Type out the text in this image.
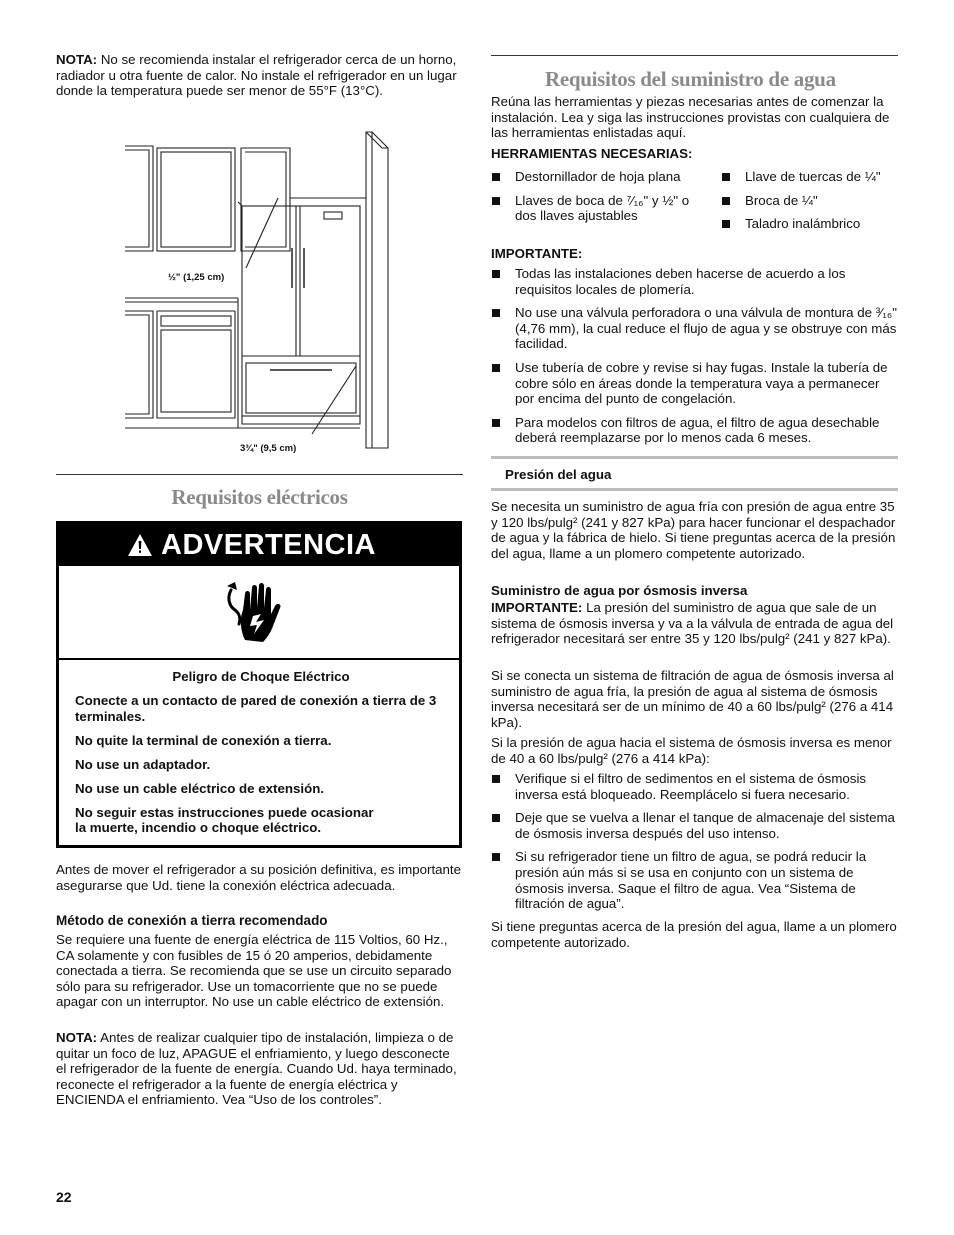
NOTA: No se recomienda instalar el refrigerador cerca de un horno, radiador u otra fuente de calor. No instale el refrigerador en un lugar donde la temperatura puede ser menor de 55°F (13°C).

½" (1,25 cm)
3¾" (9,5 cm)
Requisitos eléctricos
ADVERTENCIA

Peligro de Choque Eléctrico

Conecte a un contacto de pared de conexión a tierra de 3 terminales.

No quite la terminal de conexión a tierra.

No use un adaptador.

No use un cable eléctrico de extensión.

No seguir estas instrucciones puede ocasionar la muerte, incendio o choque eléctrico.

Antes de mover el refrigerador a su posición definitiva, es importante asegurarse que Ud. tiene la conexión eléctrica adecuada.

Método de conexión a tierra recomendado

Se requiere una fuente de energía eléctrica de 115 Voltios, 60 Hz., CA solamente y con fusibles de 15 ó 20 amperios, debidamente conectada a tierra. Se recomienda que se use un circuito separado sólo para su refrigerador. Use un tomacorriente que no se puede apagar con un interruptor. No use un cable eléctrico de extensión.

NOTA: Antes de realizar cualquier tipo de instalación, limpieza o de quitar un foco de luz, APAGUE el enfriamiento, y luego desconecte el refrigerador de la fuente de energía. Cuando Ud. haya terminado, reconecte el refrigerador a la fuente de energía eléctrica y ENCIENDA el enfriamiento. Vea “Uso de los controles”.

22
Requisitos del suministro de agua

Reúna las herramientas y piezas necesarias antes de comenzar la instalación. Lea y siga las instrucciones provistas con cualquiera de las herramientas enlistadas aquí.

HERRAMIENTAS NECESARIAS:
Destornillador de hoja plana
Llaves de boca de ⁷⁄₁₆" y ½" o dos llaves ajustables
Llave de tuercas de ¼"
Broca de ¼"
Taladro inalámbrico
IMPORTANTE:
Todas las instalaciones deben hacerse de acuerdo a los requisitos locales de plomería.
No use una válvula perforadora o una válvula de montura de ³⁄₁₆" (4,76 mm), la cual reduce el flujo de agua y se obstruye con más facilidad.
Use tubería de cobre y revise si hay fugas. Instale la tubería de cobre sólo en áreas donde la temperatura vaya a permanecer por encima del punto de congelación.
Para modelos con filtros de agua, el filtro de agua desechable deberá reemplazarse por lo menos cada 6 meses.
Presión del agua

Se necesita un suministro de agua fría con presión de agua entre 35 y 120 lbs/pulg² (241 y 827 kPa) para hacer funcionar el despachador de agua y la fábrica de hielo. Si tiene preguntas acerca de la presión del agua, llame a un plomero competente autorizado.

Suministro de agua por ósmosis inversa

IMPORTANTE: La presión del suministro de agua que sale de un sistema de ósmosis inversa y va a la válvula de entrada de agua del refrigerador necesitará ser entre 35 y 120 lbs/pulg² (241 y 827 kPa).

Si se conecta un sistema de filtración de agua de ósmosis inversa al suministro de agua fría, la presión de agua al sistema de ósmosis inversa necesitará ser de un mínimo de 40 a 60 lbs/pulg² (276 a 414 kPa).

Si la presión de agua hacia el sistema de ósmosis inversa es menor de 40 a 60 lbs/pulg² (276 a 414 kPa):

Verifique si el filtro de sedimentos en el sistema de ósmosis inversa está bloqueado. Reemplácelo si fuera necesario.
Deje que se vuelva a llenar el tanque de almacenaje del sistema de ósmosis inversa después del uso intenso.
Si su refrigerador tiene un filtro de agua, se podrá reducir la presión aún más si se usa en conjunto con un sistema de ósmosis inversa. Saque el filtro de agua. Vea “Sistema de filtración de agua”.

Si tiene preguntas acerca de la presión del agua, llame a un plomero competente autorizado.
